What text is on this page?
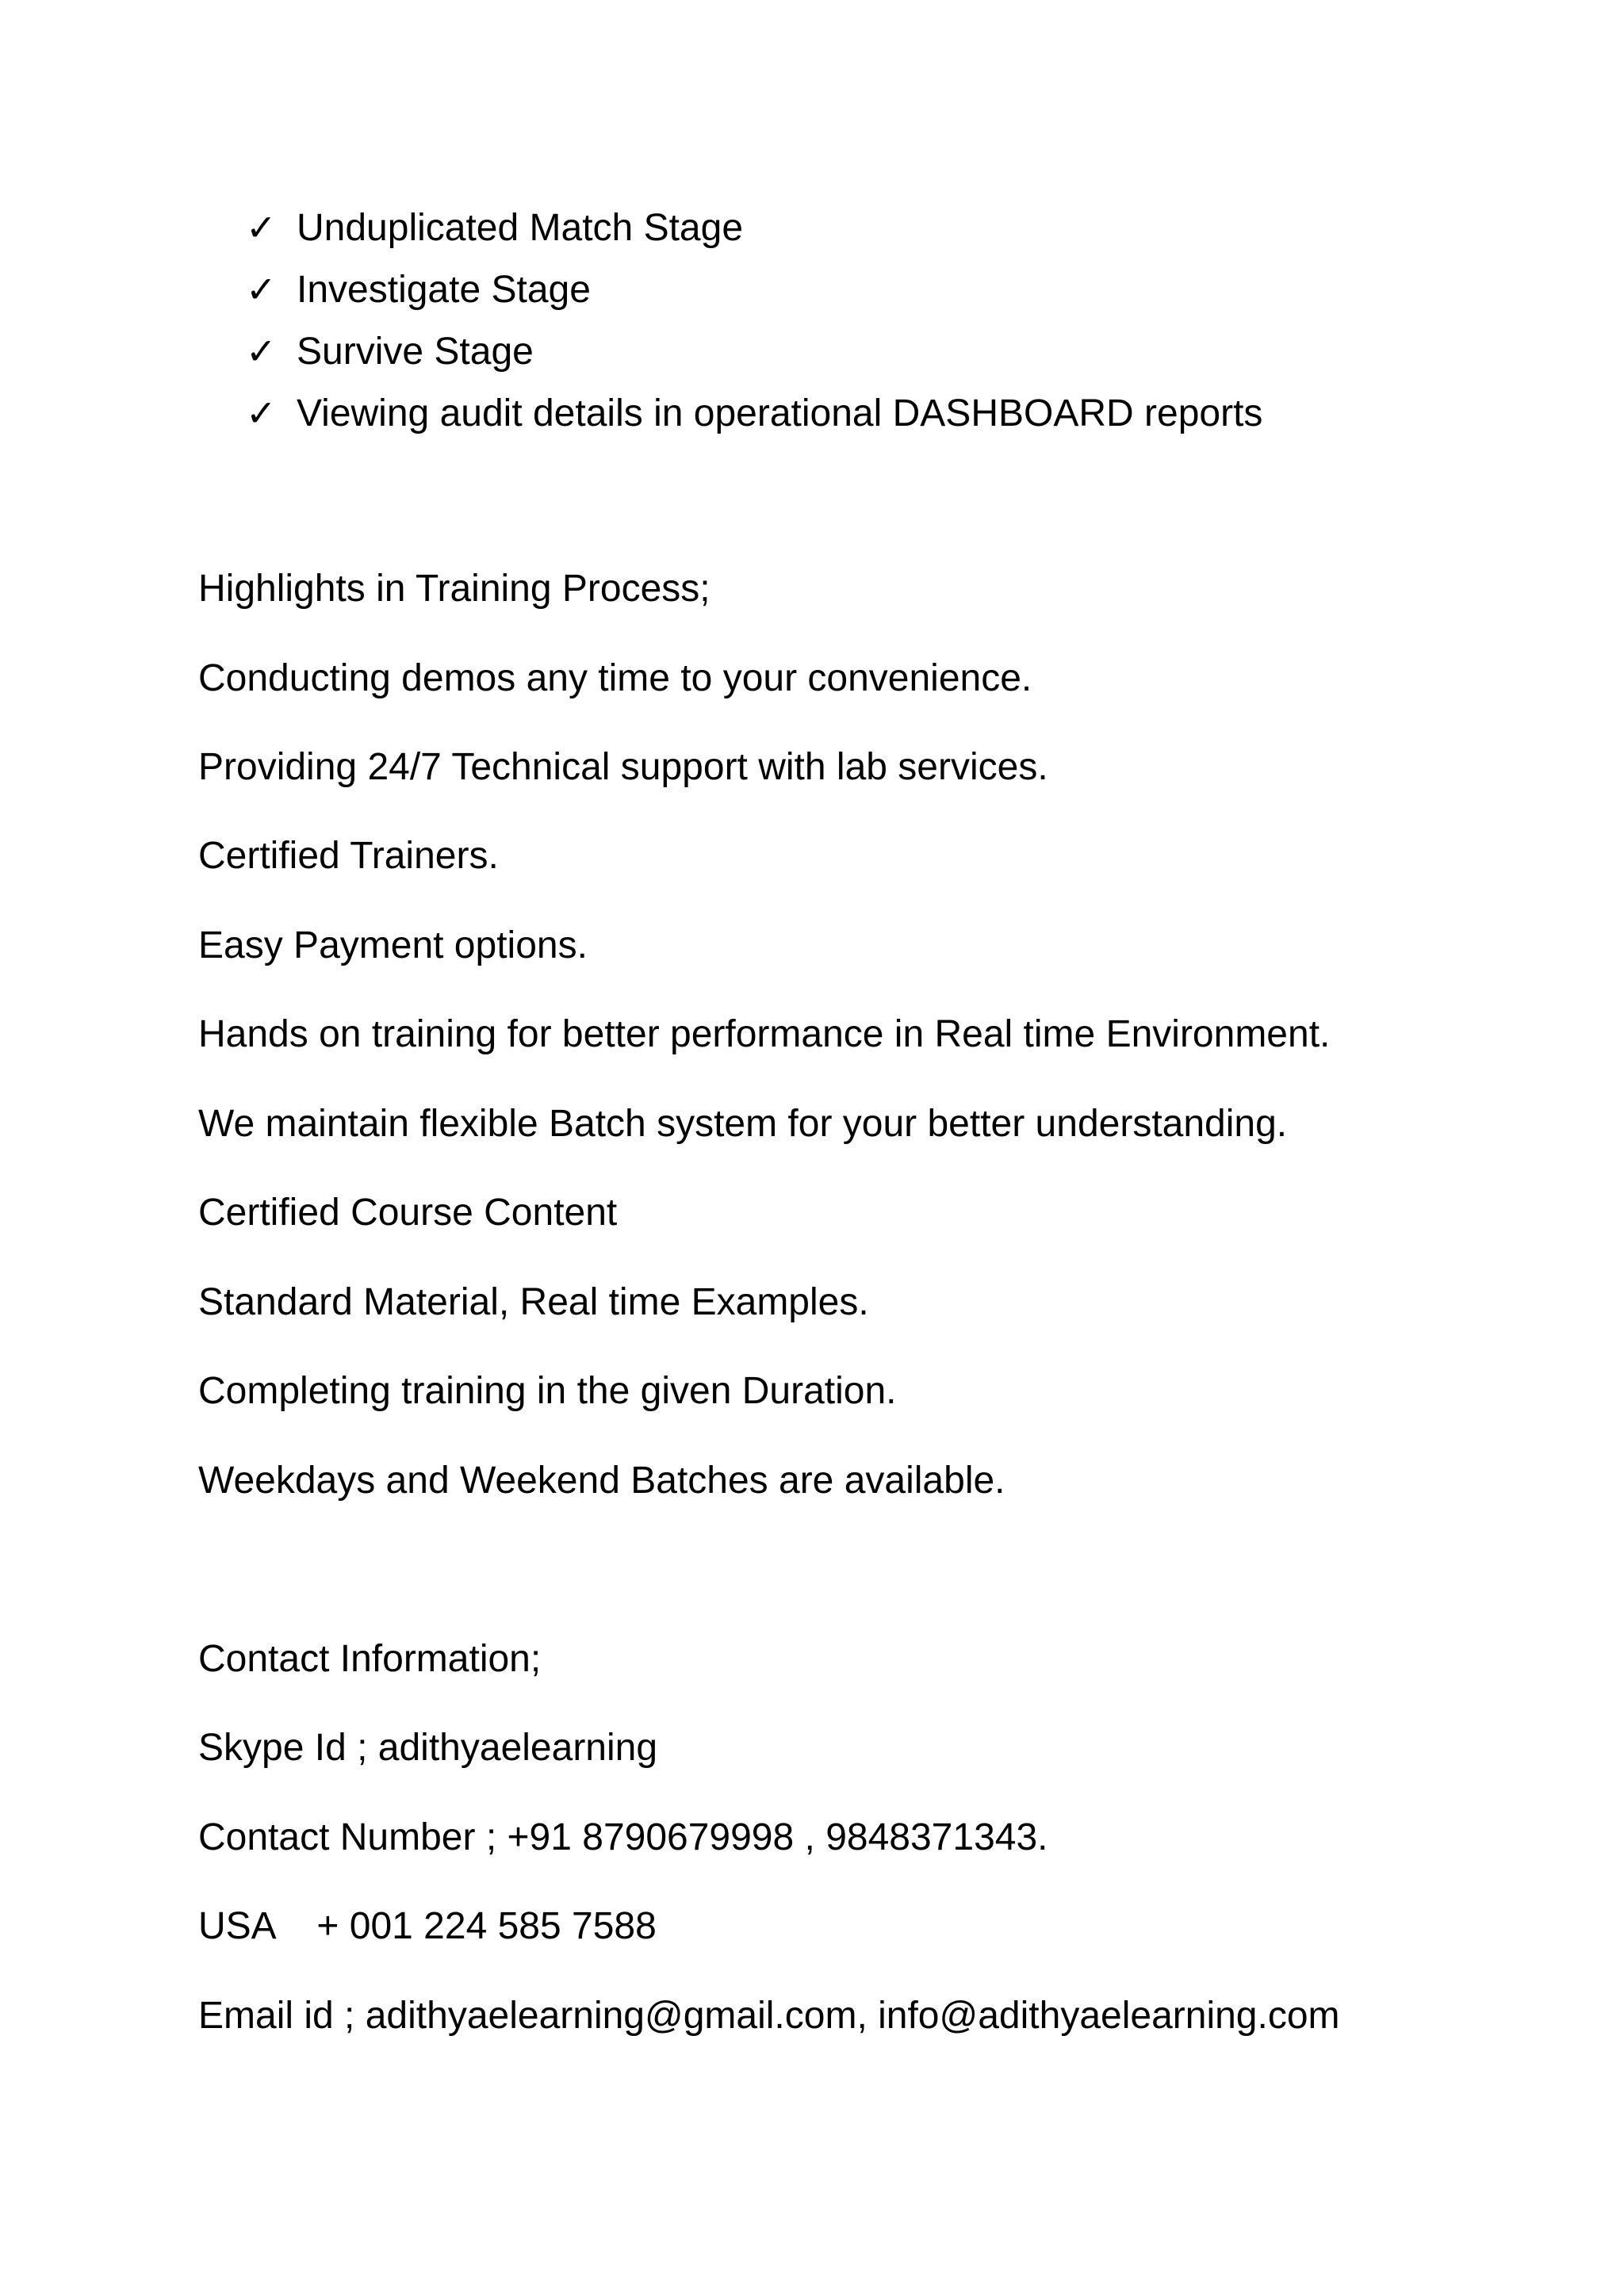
✓ Unduplicated Match Stage
✓ Investigate Stage
✓ Survive Stage
✓ Viewing audit details in operational DASHBOARD reports
Highlights in Training Process;
Conducting demos any time to your convenience.
Providing 24/7 Technical support with lab services.
Certified Trainers.
Easy Payment options.
Hands on training for better performance in Real time Environment.
We maintain flexible Batch system for your better understanding.
Certified Course Content
Standard Material, Real time Examples.
Completing training in the given Duration.
Weekdays and Weekend Batches are available.
Contact Information;
Skype Id ; adithyaelearning
Contact Number ; +91 8790679998 , 9848371343.
USA    + 001 224 585 7588
Email id ; adithyaelearning@gmail.com, info@adithyaelearning.com
